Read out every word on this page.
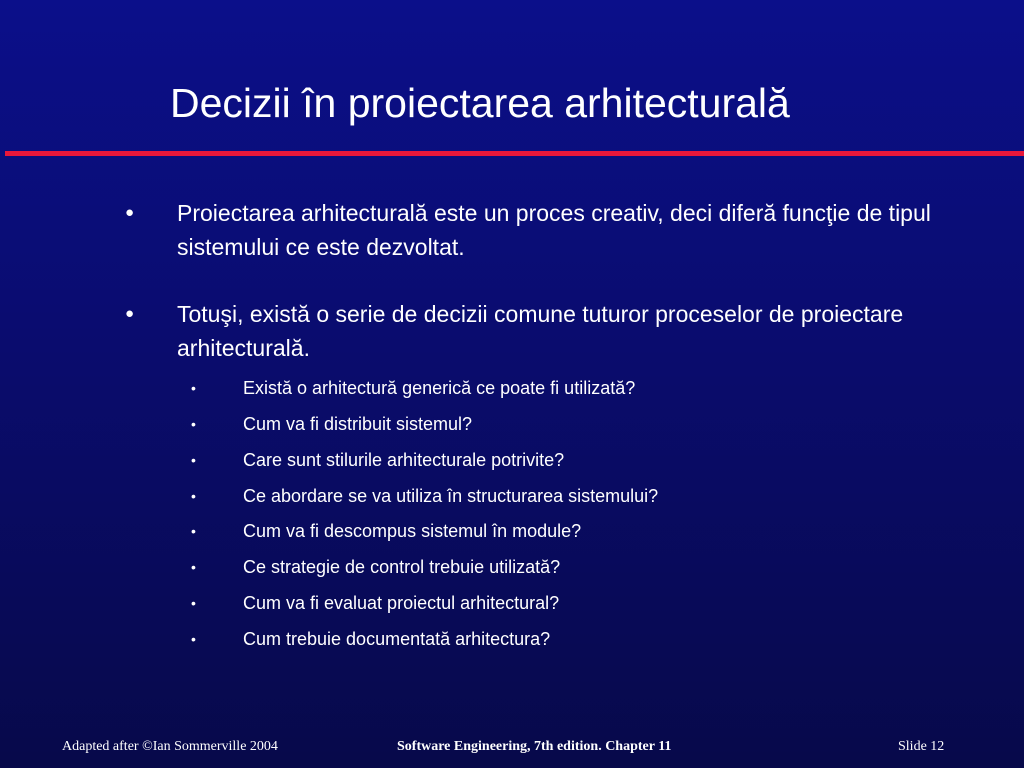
Decizii în proiectarea arhitecturală
● Proiectarea arhitecturală este un proces creativ, deci diferă funcţie de tipul sistemului ce este dezvoltat.
● Totuşi, există o serie de decizii comune tuturor proceselor de proiectare arhitecturală.
•	Există o arhitectură generică ce poate fi utilizată?
•	Cum va fi distribuit sistemul?
•	Care sunt stilurile arhitecturale potrivite?
•	Ce abordare se va utiliza în structurarea sistemului?
•	Cum va fi descompus sistemul în module?
•	Ce strategie de control trebuie utilizată?
•	Cum va fi evaluat proiectul arhitectural?
•	Cum trebuie documentată arhitectura?
Adapted after ©Ian Sommerville 2004	Software Engineering, 7th edition. Chapter 11	Slide 12
